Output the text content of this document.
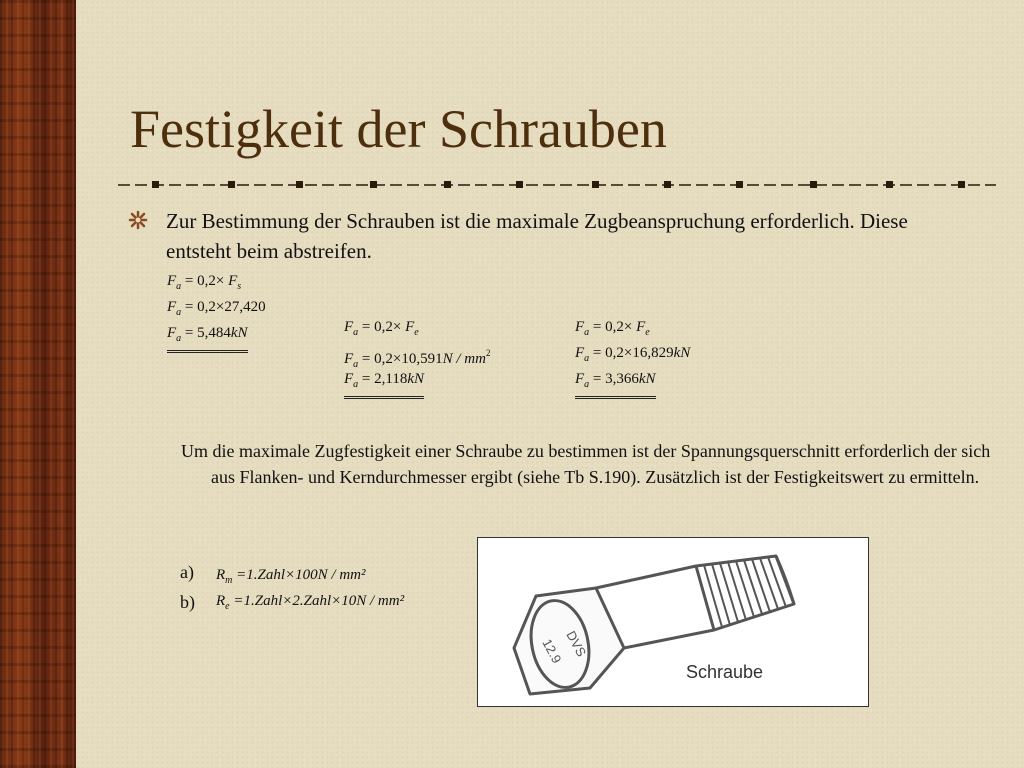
Festigkeit der Schrauben

Zur Bestimmung der Schrauben ist die maximale Zugbeanspruchung erforderlich. Diese entsteht beim abstreifen.

$F_a = 0,2\times F_s$
$F_a = 0,2\times 27,420$
$F_a = 5,484kN$	$F_a = 0,2\times F_e$
$F_a = 0,2\times 10,591N / mm^2$
$F_a = 2,118kN$
$F_a = 0,2\times F_e$
$F_a = 0,2\times 16,829kN$
$F_a = 3,366kN$

Um die maximale Zugfestigkeit einer Schraube zu bestimmen ist der Spannungsquerschnitt erforderlich der sich aus Flanken- und Kerndurchmesser ergibt (siehe Tb S.190). Zusätzlich ist der Festigkeitswert zu ermitteln.

a) $R_m$ =1.Zahl×100N / mm²
b) $R_e$ =1.Zahl×2.Zahl×10N / mm²
DVS
12.9
Schraube
